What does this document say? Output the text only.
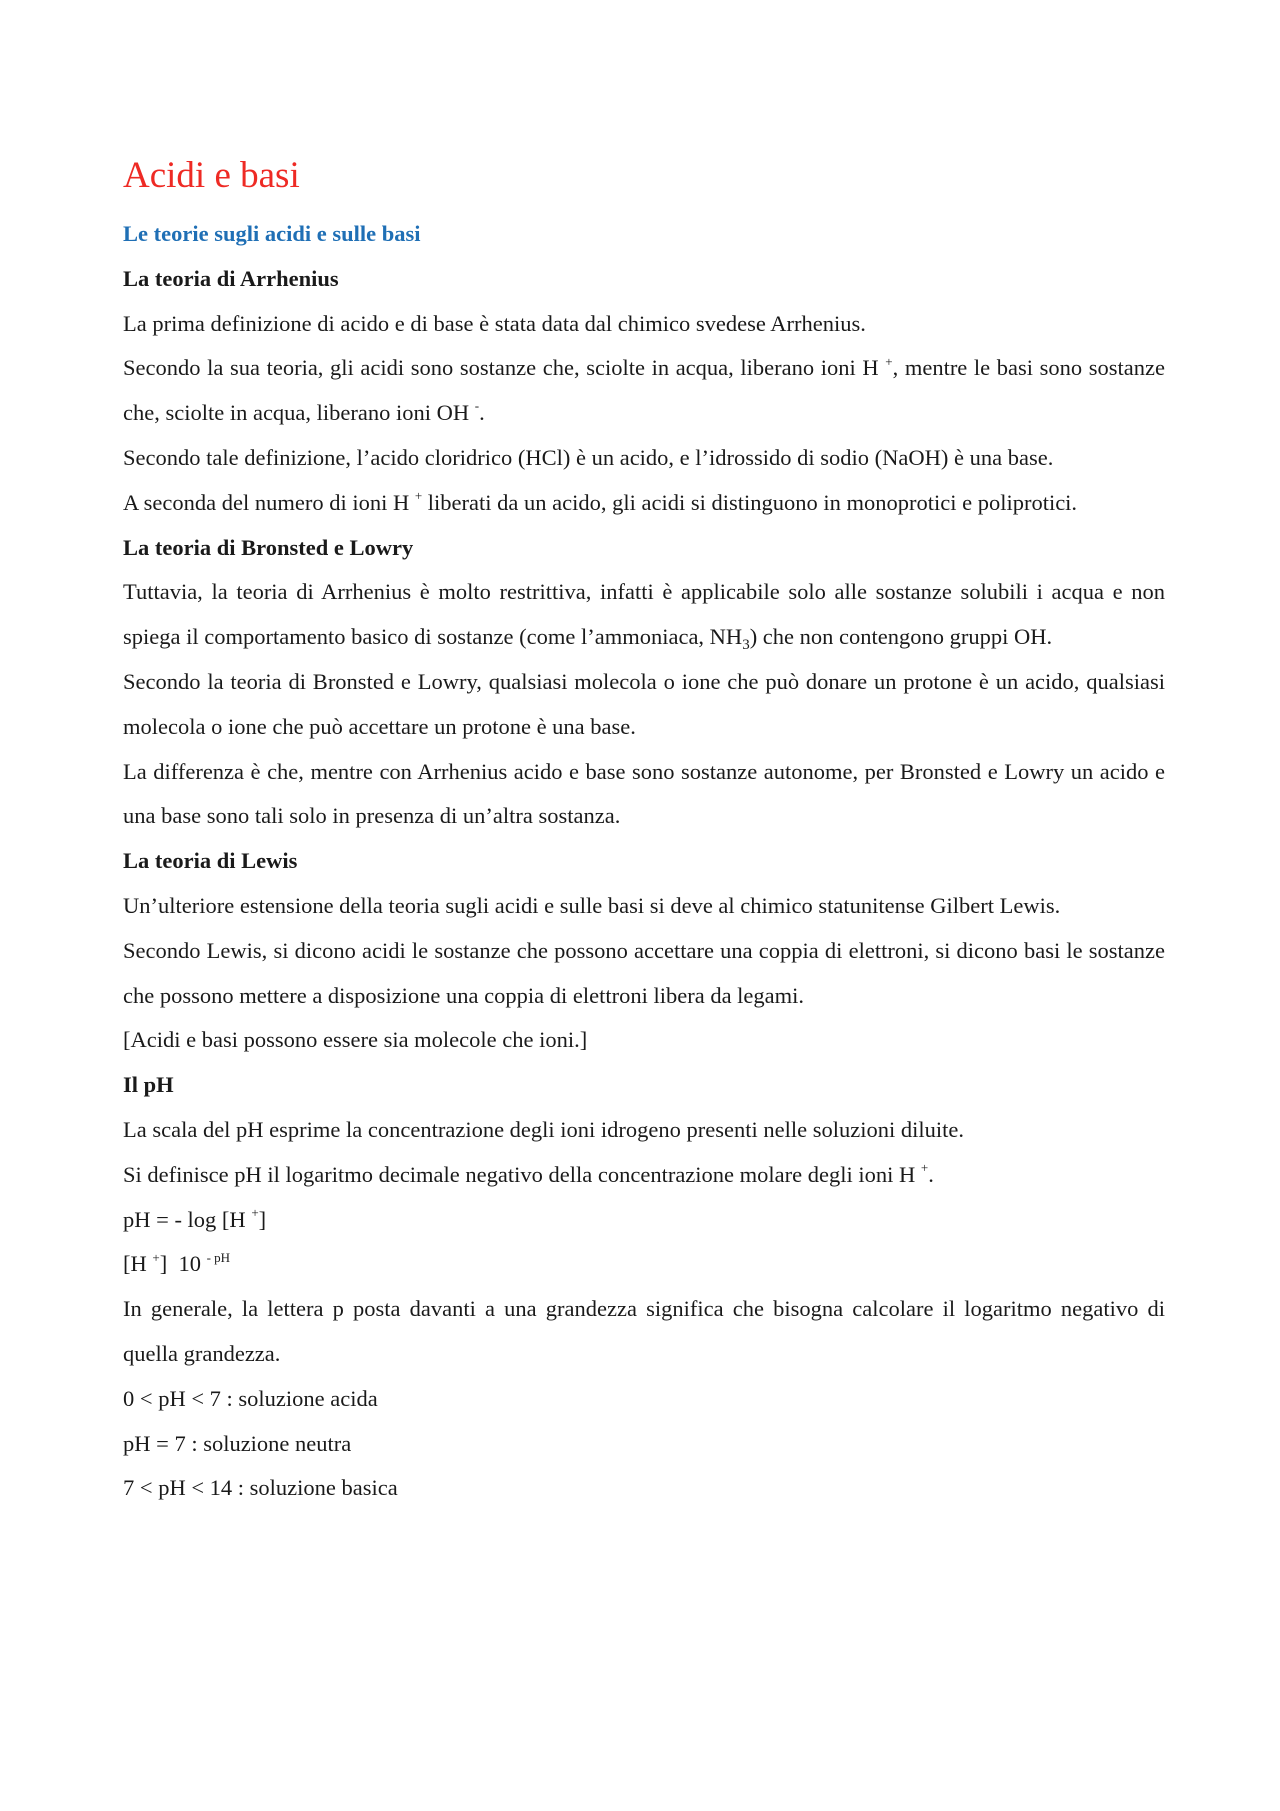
Acidi e basi
Le teorie sugli acidi e sulle basi
La teoria di Arrhenius

La prima definizione di acido e di base è stata data dal chimico svedese Arrhenius.

Secondo la sua teoria, gli acidi sono sostanze che, sciolte in acqua, liberano ioni H +, mentre le basi sono sostanze che, sciolte in acqua, liberano ioni OH -.

Secondo tale definizione, l’acido cloridrico (HCl) è un acido, e l’idrossido di sodio (NaOH) è una base.

A seconda del numero di ioni H + liberati da un acido, gli acidi si distinguono in monoprotici e poliprotici.

La teoria di Bronsted e Lowry

Tuttavia, la teoria di Arrhenius è molto restrittiva, infatti è applicabile solo alle sostanze solubili i acqua e non spiega il comportamento basico di sostanze (come l’ammoniaca, $NH_3$) che non contengono gruppi OH.

Secondo la teoria di Bronsted e Lowry, qualsiasi molecola o ione che può donare un protone è un acido, qualsiasi molecola o ione che può accettare un protone è una base.

La differenza è che, mentre con Arrhenius acido e base sono sostanze autonome, per Bronsted e Lowry un acido e una base sono tali solo in presenza di un’altra sostanza.

La teoria di Lewis

Un’ulteriore estensione della teoria sugli acidi e sulle basi si deve al chimico statunitense Gilbert Lewis.

Secondo Lewis, si dicono acidi le sostanze che possono accettare una coppia di elettroni, si dicono basi le sostanze che possono mettere a disposizione una coppia di elettroni libera da legami.

[Acidi e basi possono essere sia molecole che ioni.]

Il pH

La scala del pH esprime la concentrazione degli ioni idrogeno presenti nelle soluzioni diluite.

Si definisce pH il logaritmo decimale negativo della concentrazione molare degli ioni H +.

pH = - log [H +]

[H +]  10 $^{- pH}$

In generale, la lettera p posta davanti a una grandezza significa che bisogna calcolare il logaritmo negativo di quella grandezza.

0 < pH < 7 : soluzione acida

pH = 7 : soluzione neutra

7 < pH < 14 : soluzione basica
